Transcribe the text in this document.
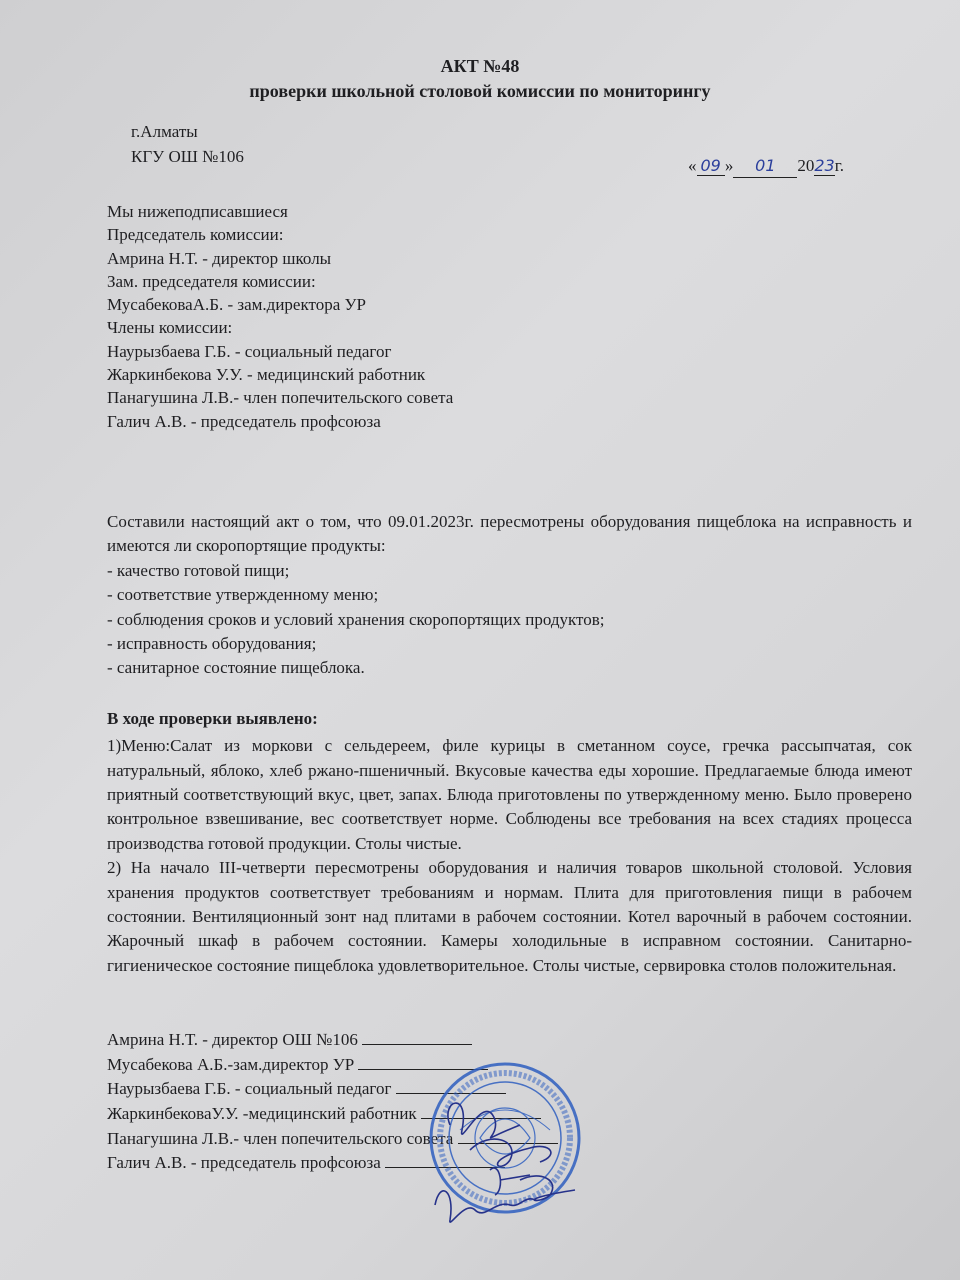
АКТ №48
проверки школьной столовой комиссии по мониторингу
г.Алматы
КГУ ОШ №106	« 09 » 01 2023г.
Мы нижеподписавшиеся
Председатель комиссии:
Амрина Н.Т. - директор школы
Зам. председателя комиссии:
МусабековаА.Б. - зам.директора УР
Члены комиссии:
Наурызбаева Г.Б. - социальный педагог
Жаркинбекова У.У. - медицинский работник
Панагушина Л.В.- член попечительского совета
Галич А.В. - председатель профсоюза
Составили настоящий акт о том, что 09.01.2023г. пересмотрены оборудования пищеблока на исправность и имеются ли скоропортящие продукты:
- качество готовой пищи;
- соответствие утвержденному меню;
- соблюдения сроков и условий хранения скоропортящих продуктов;
- исправность оборудования;
- санитарное состояние пищеблока.
В ходе проверки выявлено:
1)Меню:Салат из моркови с сельдереем, филе курицы в сметанном соусе, гречка рассыпчатая, сок натуральный, яблоко, хлеб ржано-пшеничный. Вкусовые качества еды хорошие. Предлагаемые блюда имеют приятный соответствующий вкус, цвет, запах. Блюда приготовлены по утвержденному меню. Было проверено контрольное взвешивание, вес соответствует норме. Соблюдены все требования на всех стадиях процесса производства готовой продукции. Столы чистые.
2) На начало III-четверти пересмотрены оборудования и наличия товаров школьной столовой. Условия хранения продуктов соответствует требованиям и нормам. Плита для приготовления пищи в рабочем состоянии. Вентиляционный зонт над плитами в рабочем состоянии. Котел варочный в рабочем состоянии. Жарочный шкаф в рабочем состоянии. Камеры холодильные в исправном состоянии. Санитарно-гигиеническое состояние пищеблока удовлетворительное. Столы чистые, сервировка столов положительная.
Амрина Н.Т. - директор ОШ №106
Мусабекова А.Б.-зам.директор УР
Наурызбаева Г.Б. - социальный педагог
ЖаркинбековаУ.У. -медицинский работник
Панагушина Л.В.- член попечительского совета
Галич А.В. - председатель профсоюза
